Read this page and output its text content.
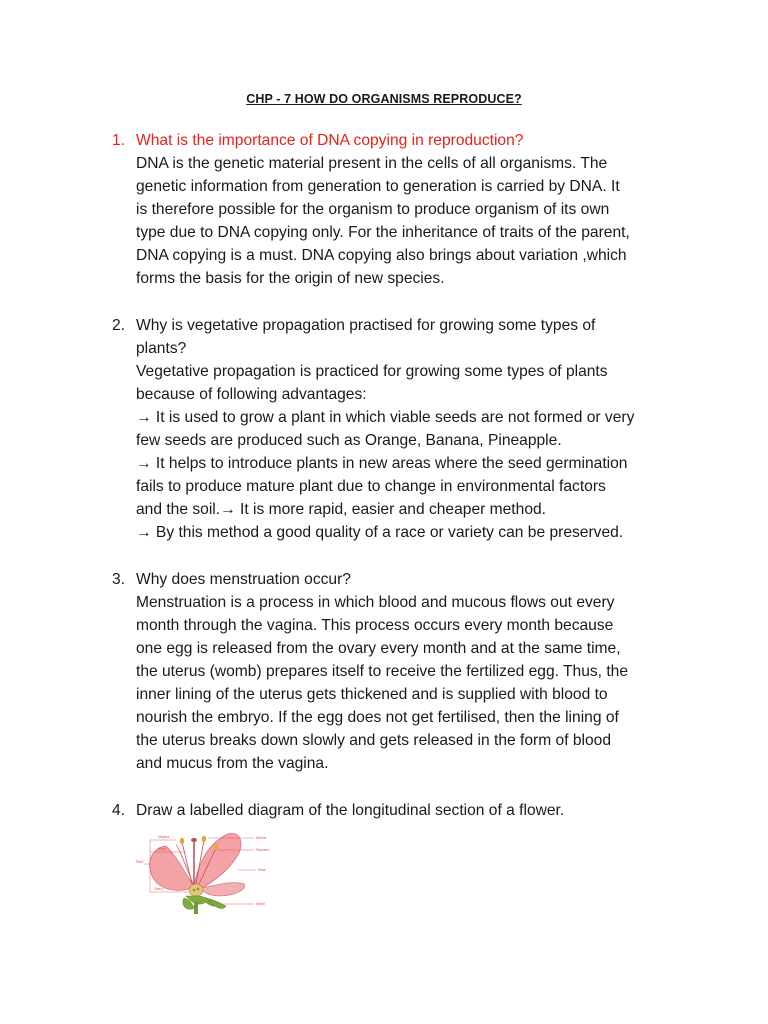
CHP - 7 HOW DO ORGANISMS REPRODUCE?
1. What is the importance of DNA copying in reproduction?
DNA is the genetic material present in the cells of all organisms. The
genetic information from generation to generation is carried by DNA. It
is therefore possible for the organism to produce organism of its own
type due to DNA copying only. For the inheritance of traits of the parent,
DNA copying is a must. DNA copying also brings about variation ,which
forms the basis for the origin of new species.
2. Why is vegetative propagation practised for growing some types of
plants?
Vegetative propagation is practiced for growing some types of plants
because of following advantages:
→ It is used to grow a plant in which viable seeds are not formed or very
few seeds are produced such as Orange, Banana, Pineapple.
→ It helps to introduce plants in new areas where the seed germination
fails to produce mature plant due to change in environmental factors
and the soil.→ It is more rapid, easier and cheaper method.
→ By this method a good quality of a race or variety can be preserved.
3. Why does menstruation occur?
Menstruation is a process in which blood and mucous flows out every
month through the vagina. This process occurs every month because
one egg is released from the ovary every month and at the same time,
the uterus (womb) prepares itself to receive the fertilized egg. Thus, the
inner lining of the uterus gets thickened and is supplied with blood to
nourish the embryo. If the egg does not get fertilised, then the lining of
the uterus breaks down slowly and gets released in the form of blood
and mucus from the vagina.
4. Draw a labelled diagram of the longitudinal section of a flower.
Stigma
Style
Pistil
Ovary
Anther
Filament
Petal
Sepal
